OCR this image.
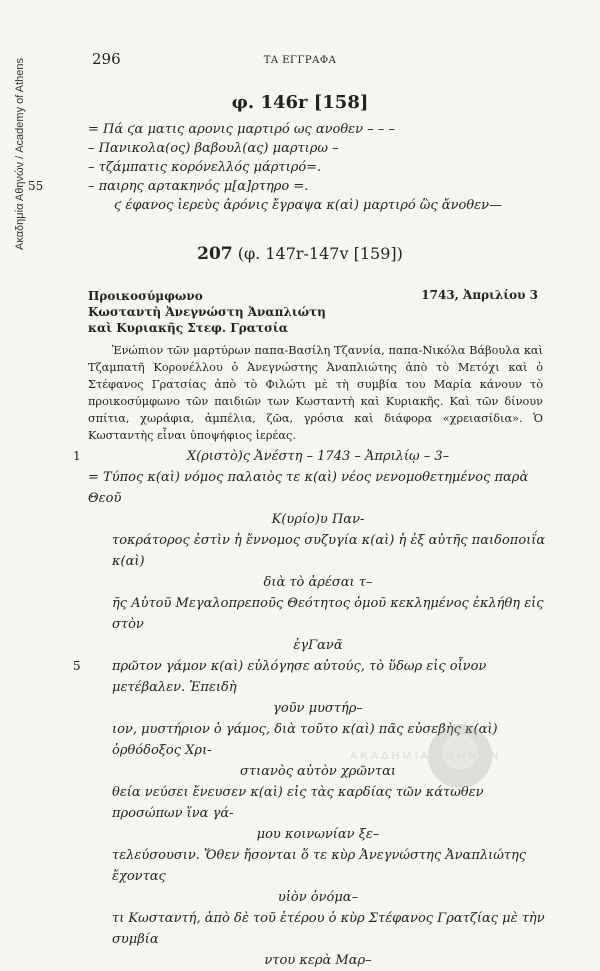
Ακαδημία Αθηνών / Academy of Athens	296	ΤΑ ΕΓΓΡΑΦΑ
φ. 146r [158]
= Πά ϛα ματις αρονις μαρτιρό ως ανοθεν – – –
– Πανικολα(ος) βαβουλ(ας) μαρτιρω –
– τζάμπατις κορόνελλός μάρτιρό=.
55	– παιρης αρτακηνός μ[α]ρτηρο =.
ϛ έφανος ἱερεὺς ἀρόνις ἔγραψα κ(αὶ) μαρτιρό ὣς ἄνοθεν—
207 (φ. 147r-147v [159])
Προικοσύμφωνο
Κωσταντὴ Ἀνεγνώστη Ἀναπλιώτη
καὶ Κυριακῆς Στεφ. Γρατσία
1743, Ἀπριλίου 3
Ἐνώπιον τῶν μαρτύρων παπα-Βασίλη Τζαννία, παπα-Νικόλα Βάβουλα καὶ Τζαμπατῆ Κορονέλλου ὁ Ἀνεγνώστης Ἀναπλιώτης ἀπὸ τὸ Μετόχι καὶ ὁ Στέφανος Γρατσίας ἀπὸ τὸ Φιλώτι μὲ τὴ συμβία του Μαρία κάνουν τὸ προικοσύμφωνο τῶν παιδιῶν των Κωσταντὴ καὶ Κυριακῆς. Καὶ τῶν δίνουν σπίτια, χωράφια, ἀμπέλια, ζῶα, γρόσια καὶ διάφορα «χρειασίδια». Ὁ Κωσταντὴς εἶναι ὑποψήφιος ἱερέας.
1	Χ(ριστὸ)ς Ἀνέστη – 1743 – Ἀπριλίῳ – 3–
= Τύπος κ(αὶ) νόμος παλαιὸς τε κ(αὶ) νέος νενομοθετημένος παρὰ Θεοῦ
Κ(υρίο)υ Παν-
τοκράτορος ἐστὶν ἡ ἔννομος συζυγία κ(αὶ) ἡ ἐξ αὐτῆς παιδοποιΐα κ(αὶ)
διὰ τὸ ἀρέσαι τ–
ῆς Αὐτοῦ Μεγαλοπρεποῦς Θεότητος ὁμοῦ κεκλημένος ἐκλήθη εἰς στὸν
ἐγΓανᾶ
5 πρῶτον γάμον κ(αὶ) εὐλόγησε αὐτούς, τὸ ὕδωρ εἰς οἶνον μετέβαλεν. Ἐπειδὴ
γοῦν μυστήρ–
ιον, μυστήριον ὁ γάμος, διὰ τοῦτο κ(αὶ) πᾶς εὐσεβὴς κ(αὶ) ὀρθόδοξος Χρι-
στιανὸς αὐτὸν χρῶνται
θεία νεύσει ἔνευσεν κ(αὶ) εἰς τὰς καρδίας τῶν κάτωθεν προσώπων ἵνα γά-
μου κοινωνίαν ξε–
τελεύσουσιν. Ὅθεν ἤσονται ὅ τε κὺρ Ἀνεγνώστης Ἀναπλιώτης ἔχοντας
υἱὸν ὀνόμα–
τι Κωσταντή, ἀπὸ δὲ τοῦ ἑτέρου ὁ κὺρ Στέφανος Γρατζίας μὲ τὴν συμβία
ντου κερὰ Μαρ–
ΑΚΑΔΗΜΙΑ ΑΘΗΝΩΝ
